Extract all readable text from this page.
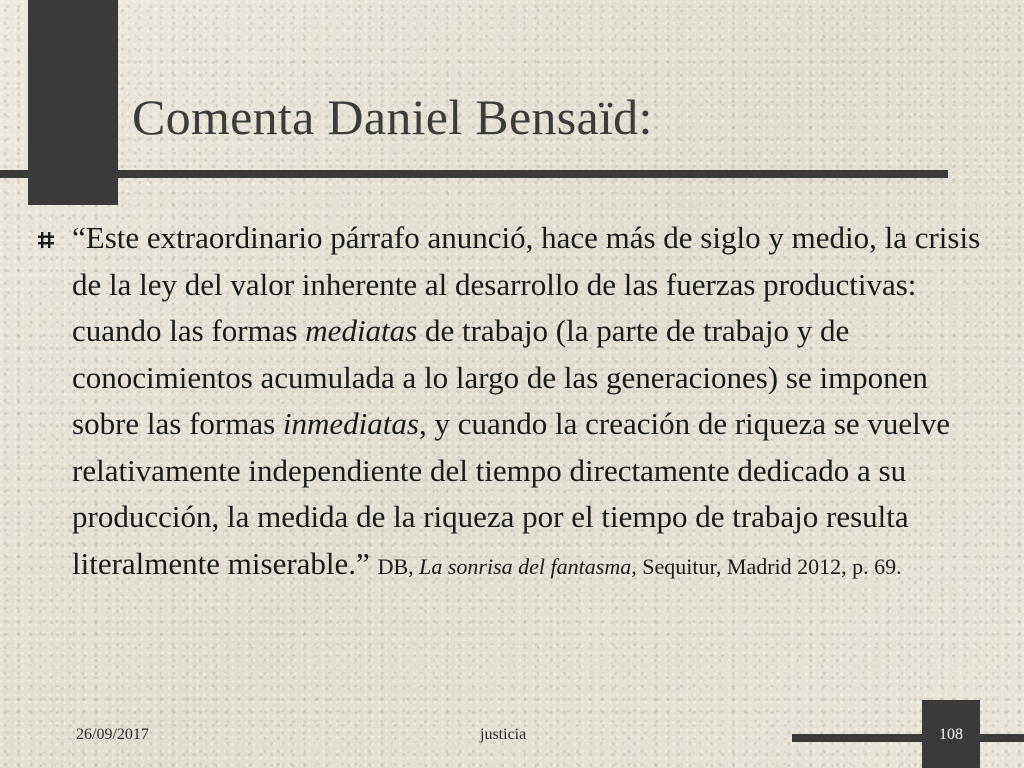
Comenta Daniel Bensaïd:

“Este extraordinario párrafo anunció, hace más de siglo y medio, la crisis de la ley del valor inherente al desarrollo de las fuerzas productivas: cuando las formas mediatas de trabajo (la parte de trabajo y de conocimientos acumulada a lo largo de las generaciones) se imponen sobre las formas inmediatas, y cuando la creación de riqueza se vuelve relativamente independiente del tiempo directamente dedicado a su producción, la medida de la riqueza por el tiempo de trabajo resulta literalmente miserable.” DB, La sonrisa del fantasma, Sequitur, Madrid 2012, p. 69.

26/09/2017	justicia	108
